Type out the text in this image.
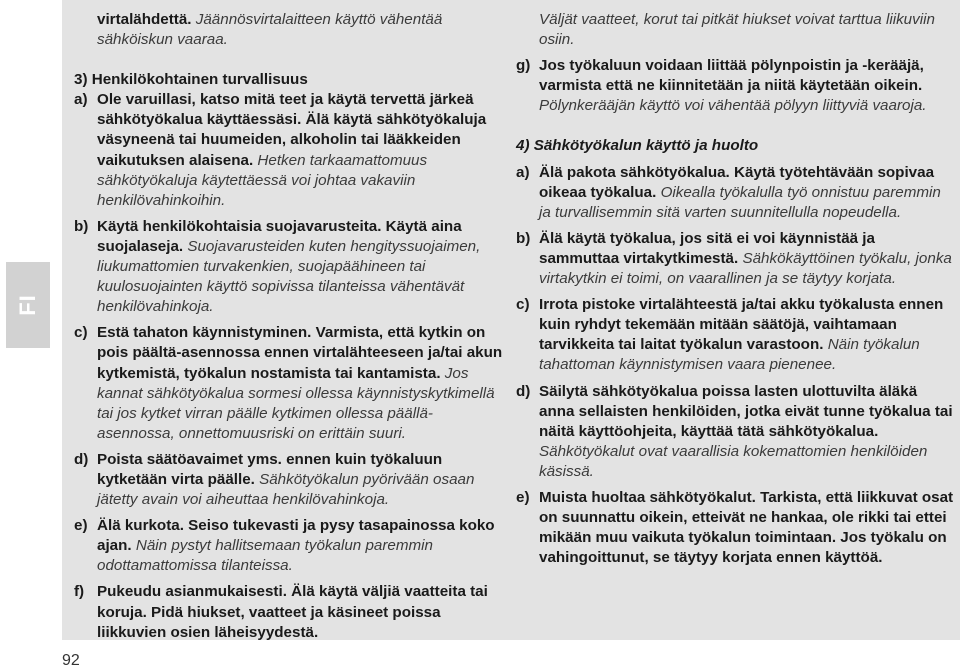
FI
92

virtalähdettä. Jäännösvirtalaitteen käyttö vähentää sähköiskun vaaraa.

3) Henkilökohtainen turvallisuus

a) Ole varuillasi, katso mitä teet ja käytä tervettä järkeä sähkötyökalua käyttäessäsi. Älä käytä sähkötyökaluja väsyneenä tai huumeiden, alkoholin tai lääkkeiden vaikutuksen alaisena. Hetken tarkaamattomuus sähkötyökaluja käytettäessä voi johtaa vakaviin henkilövahinkoihin.
b) Käytä henkilökohtaisia suojavarusteita. Käytä aina suojalaseja. Suojavarusteiden kuten hengityssuojaimen, liukumattomien turvakenkien, suojapäähineen tai kuulosuojainten käyttö sopivissa tilanteissa vähentävät henkilövahinkoja.
c) Estä tahaton käynnistyminen. Varmista, että kytkin on pois päältä-asennossa ennen virtalähteeseen ja/tai akun kytkemistä, työkalun nostamista tai kantamista. Jos kannat sähkötyökalua sormesi ollessa käynnistyskytkimellä tai jos kytket virran päälle kytkimen ollessa päällä-asennossa, onnettomuusriski on erittäin suuri.
d) Poista säätöavaimet yms. ennen kuin työkaluun kytketään virta päälle. Sähkötyökalun pyörivään osaan jätetty avain voi aiheuttaa henkilövahinkoja.
e) Älä kurkota. Seiso tukevasti ja pysy tasapainossa koko ajan. Näin pystyt hallitsemaan työkalun paremmin odottamattomissa tilanteissa.
f) Pukeudu asianmukaisesti. Älä käytä väljiä vaatteita tai koruja. Pidä hiukset, vaatteet ja käsineet poissa liikkuvien osien läheisyydestä.

Väljät vaatteet, korut tai pitkät hiukset voivat tarttua liikuviin osiin.

g) Jos työkaluun voidaan liittää pölynpoistin ja -kerääjä, varmista että ne kiinnitetään ja niitä käytetään oikein. Pölynkerääjän käyttö voi vähentää pölyyn liittyviä vaaroja.

4) Sähkötyökalun käyttö ja huolto

a) Älä pakota sähkötyökalua. Käytä työtehtävään sopivaa oikeaa työkalua. Oikealla työkalulla työ onnistuu paremmin ja turvallisemmin sitä varten suunnitellulla nopeudella.
b) Älä käytä työkalua, jos sitä ei voi käynnistää ja sammuttaa virtakytkimestä. Sähkökäyttöinen työkalu, jonka virtakytkin ei toimi, on vaarallinen ja se täytyy korjata.
c) Irrota pistoke virtalähteestä ja/tai akku työkalusta ennen kuin ryhdyt tekemään mitään säätöjä, vaihtamaan tarvikkeita tai laitat työkalun varastoon. Näin työkalun tahattoman käynnistymisen vaara pienenee.
d) Säilytä sähkötyökalua poissa lasten ulottuvilta äläkä anna sellaisten henkilöiden, jotka eivät tunne työkalua tai näitä käyttöohjeita, käyttää tätä sähkötyökalua. Sähkötyökalut ovat vaarallisia kokemattomien henkilöiden käsissä.
e) Muista huoltaa sähkötyökalut. Tarkista, että liikkuvat osat on suunnattu oikein, etteivät ne hankaa, ole rikki tai ettei mikään muu vaikuta työkalun toimintaan. Jos työkalu on vahingoittunut, se täytyy korjata ennen käyttöä.
